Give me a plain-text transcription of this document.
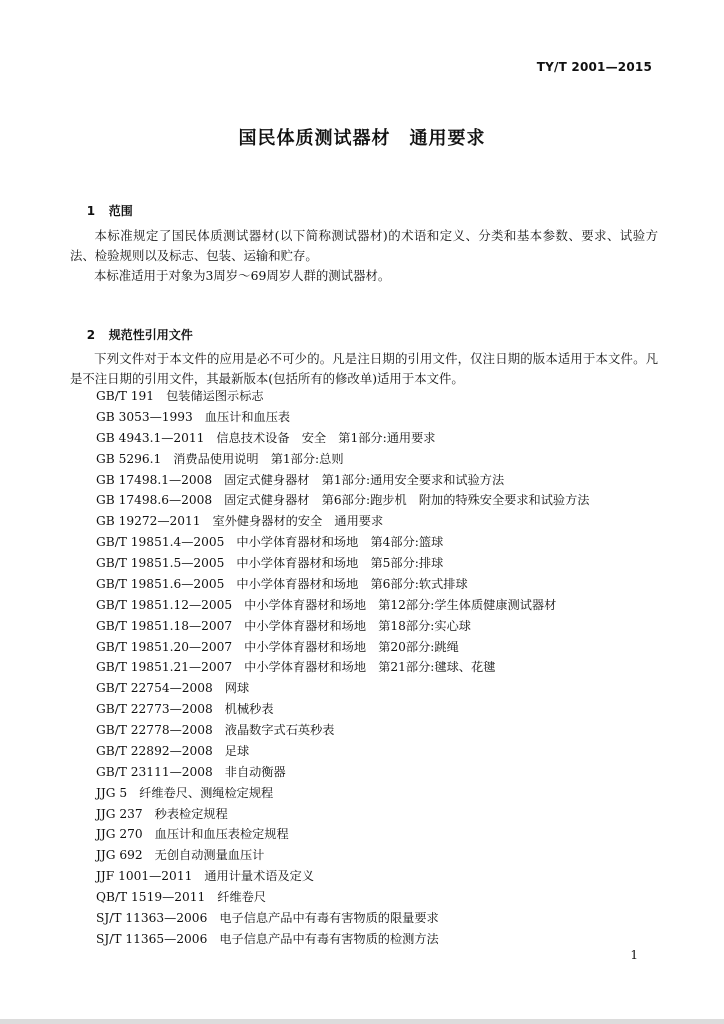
TY/T 2001—2015
国民体质测试器材　通用要求

1 范围

本标准规定了国民体质测试器材(以下简称测试器材)的术语和定义、分类和基本参数、要求、试验方法、检验规则以及标志、包装、运输和贮存。
本标准适用于对象为3周岁～69周岁人群的测试器材。

2 规范性引用文件

下列文件对于本文件的应用是必不可少的。凡是注日期的引用文件，仅注日期的版本适用于本文件。凡是不注日期的引用文件，其最新版本(包括所有的修改单)适用于本文件。
GB/T 191 包装储运图示标志
GB 3053—1993 血压计和血压表
GB 4943.1—2011 信息技术设备　安全　第1部分:通用要求
GB 5296.1 消费品使用说明　第1部分:总则
GB 17498.1—2008 固定式健身器材　第1部分:通用安全要求和试验方法
GB 17498.6—2008 固定式健身器材　第6部分:跑步机　附加的特殊安全要求和试验方法
GB 19272—2011 室外健身器材的安全　通用要求
GB/T 19851.4—2005 中小学体育器材和场地　第4部分:篮球
GB/T 19851.5—2005 中小学体育器材和场地　第5部分:排球
GB/T 19851.6—2005 中小学体育器材和场地　第6部分:软式排球
GB/T 19851.12—2005 中小学体育器材和场地　第12部分:学生体质健康测试器材
GB/T 19851.18—2007 中小学体育器材和场地　第18部分:实心球
GB/T 19851.20—2007 中小学体育器材和场地　第20部分:跳绳
GB/T 19851.21—2007 中小学体育器材和场地　第21部分:毽球、花毽
GB/T 22754—2008 网球
GB/T 22773—2008 机械秒表
GB/T 22778—2008 液晶数字式石英秒表
GB/T 22892—2008 足球
GB/T 23111—2008 非自动衡器
JJG 5 纤维卷尺、测绳检定规程
JJG 237 秒表检定规程
JJG 270 血压计和血压表检定规程
JJG 692 无创自动测量血压计
JJF 1001—2011 通用计量术语及定义
QB/T 1519—2011 纤维卷尺
SJ/T 11363—2006 电子信息产品中有毒有害物质的限量要求
SJ/T 11365—2006 电子信息产品中有毒有害物质的检测方法
1
